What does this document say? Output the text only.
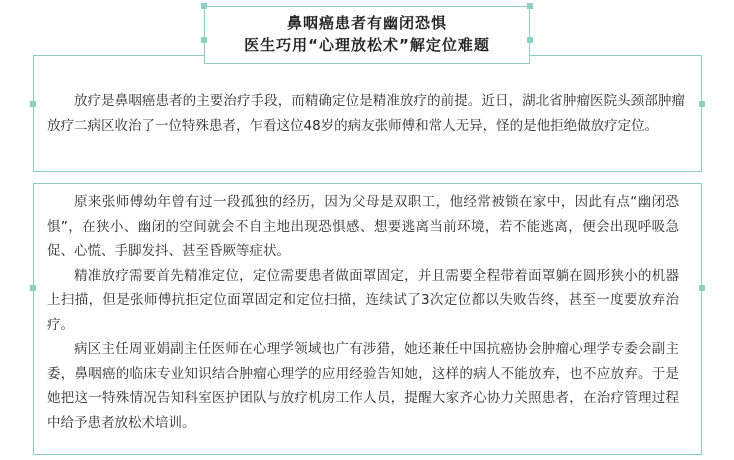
放疗是鼻咽癌患者的主要治疗手段，而精确定位是精准放疗的前提。近日，湖北省肿瘤医院头颈部肿瘤放疗二病区收治了一位特殊患者，乍看这位48岁的病友张师傅和常人无异，怪的是他拒绝做放疗定位。

原来张师傅幼年曾有过一段孤独的经历，因为父母是双职工，他经常被锁在家中，因此有点“幽闭恐惧”，在狭小、幽闭的空间就会不自主地出现恐惧感、想要逃离当前环境，若不能逃离，便会出现呼吸急促、心慌、手脚发抖、甚至昏厥等症状。

精准放疗需要首先精准定位，定位需要患者做面罩固定，并且需要全程带着面罩躺在圆形狭小的机器上扫描，但是张师傅抗拒定位面罩固定和定位扫描，连续试了3次定位都以失败告终，甚至一度要放弃治疗。

病区主任周亚娟副主任医师在心理学领域也广有涉猎，她还兼任中国抗癌协会肿瘤心理学专委会副主委，鼻咽癌的临床专业知识结合肿瘤心理学的应用经验告知她，这样的病人不能放弃，也不应放弃。于是她把这一特殊情况告知科室医护团队与放疗机房工作人员，提醒大家齐心协力关照患者，在治疗管理过程中给予患者放松术培训。

鼻咽癌患者有幽闭恐惧
医生巧用“心理放松术”解定位难题
